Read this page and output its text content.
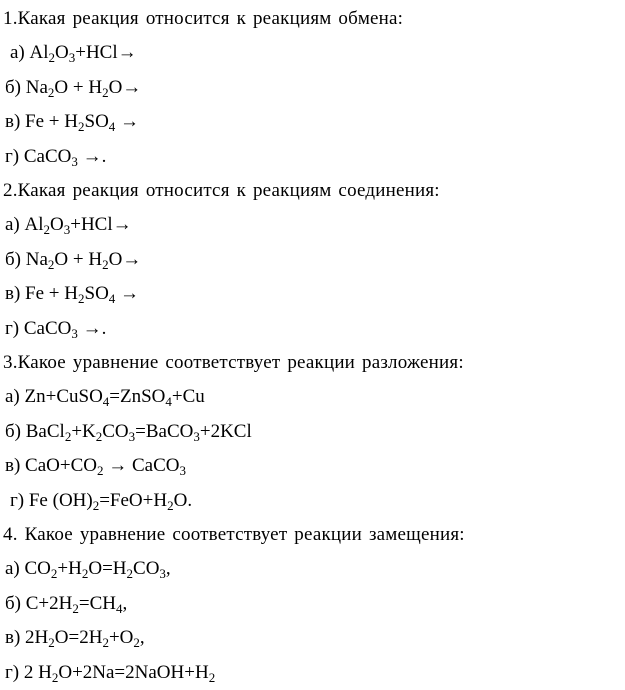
1.Какая реакция относится к реакциям обмена:
а) $Al_2O_3+HCl\to$
б) $Na_2O + H_2O\to$
в) $Fe + H_2SO_4$ →
г) CaCO$_3$ →.
2.Какая реакция относится к реакциям соединения:
а) $Al_2O_3+HCl\to$
б) $Na_2O + H_2O\to$
в) $Fe + H_2SO_4$ →
г) CaCO$_3$ →.
3.Какое уравнение соответствует реакции разложения:
а) Zn+CuSO$_4$=ZnSO$_4$+Cu
б) $BaCl_2+K_2CO_3=BaCO_3+2KCl$
в) $CaO+CO_2$ → CaCO$_3$
г) Fe $(OH)_2=FeO+H_2O$.
4. Какое уравнение соответствует реакции замещения:
а) $CO_2+H_2O=H_2CO_3$,
б) $C+2H_2=CH_4$,
в) $2H_2O=2H_2+O_2$,
г) 2 $H_2O+2Na=2NaOH+H_2$
